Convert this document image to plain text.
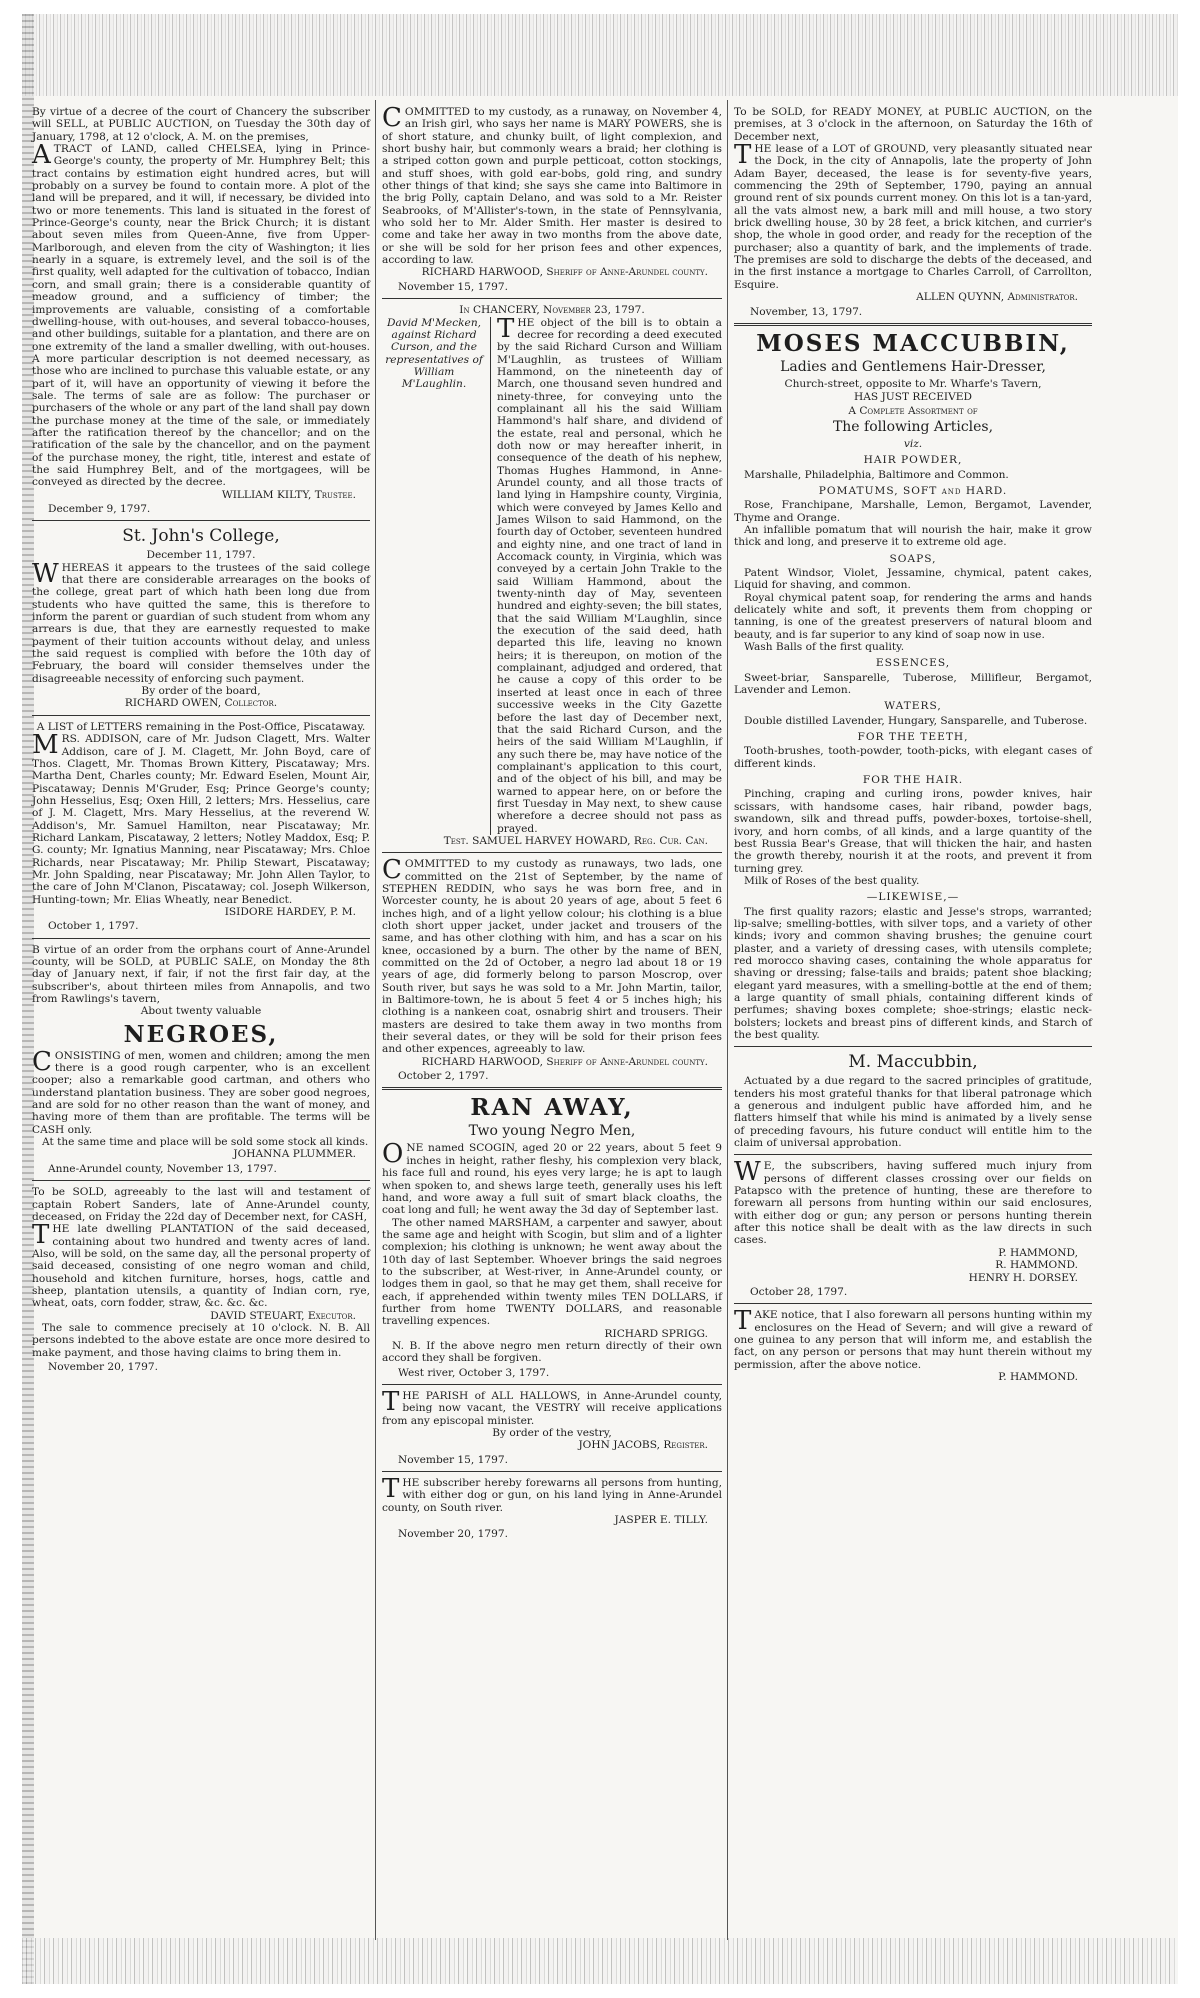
By virtue of a decree of the court of Chancery the subscriber will SELL, at PUBLIC AUCTION, on Tuesday the 30th day of January, 1798, at 12 o'clock, A. M. on the premises,

ATRACT of LAND, called CHELSEA, lying in Prince-George's county, the property of Mr. Humphrey Belt; this tract contains by estimation eight hundred acres, but will probably on a survey be found to contain more. A plot of the land will be prepared, and it will, if necessary, be divided into two or more tenements. This land is situated in the forest of Prince-George's county, near the Brick Church; it is distant about seven miles from Queen-Anne, five from Upper-Marlborough, and eleven from the city of Washington; it lies nearly in a square, is extremely level, and the soil is of the first quality, well adapted for the cultivation of tobacco, Indian corn, and small grain; there is a considerable quantity of meadow ground, and a sufficiency of timber; the improvements are valuable, consisting of a comfortable dwelling-house, with out-houses, and several tobacco-houses, and other buildings, suitable for a plantation, and there are on one extremity of the land a smaller dwelling, with out-houses. A more particular description is not deemed necessary, as those who are inclined to purchase this valuable estate, or any part of it, will have an opportunity of viewing it before the sale. The terms of sale are as follow: The purchaser or purchasers of the whole or any part of the land shall pay down the purchase money at the time of the sale, or immediately after the ratification thereof by the chancellor; and on the ratification of the sale by the chancellor, and on the payment of the purchase money, the right, title, interest and estate of the said Humphrey Belt, and of the mortgagees, will be conveyed as directed by the decree.

WILLIAM KILTY, Trustee.
December 9, 1797.
St. John's College,
December 11, 1797.

WHEREAS it appears to the trustees of the said college that there are considerable arrearages on the books of the college, great part of which hath been long due from students who have quitted the same, this is therefore to inform the parent or guardian of such student from whom any arrears is due, that they are earnestly requested to make payment of their tuition accounts without delay, and unless the said request is complied with before the 10th day of February, the board will consider themselves under the disagreeable necessity of enforcing such payment.

By order of the board,
RICHARD OWEN, Collector.

A LIST of LETTERS remaining in the Post-Office, Piscataway.

MRS. ADDISON, care of Mr. Judson Clagett, Mrs. Walter Addison, care of J. M. Clagett, Mr. John Boyd, care of Thos. Clagett, Mr. Thomas Brown Kittery, Piscataway; Mrs. Martha Dent, Charles county; Mr. Edward Eselen, Mount Air, Piscataway; Dennis M'Gruder, Esq; Prince George's county; John Hesselius, Esq; Oxen Hill, 2 letters; Mrs. Hesselius, care of J. M. Clagett, Mrs. Mary Hesselius, at the reverend W. Addison's, Mr. Samuel Hamilton, near Piscataway; Mr. Richard Lankam, Piscataway, 2 letters; Notley Maddox, Esq; P. G. county; Mr. Ignatius Manning, near Piscataway; Mrs. Chloe Richards, near Piscataway; Mr. Philip Stewart, Piscataway; Mr. John Spalding, near Piscataway; Mr. John Allen Taylor, to the care of John M'Clanon, Piscataway; col. Joseph Wilkerson, Hunting-town; Mr. Elias Wheatly, near Benedict.

ISIDORE HARDEY, P. M.
October 1, 1797.

B virtue of an order from the orphans court of Anne-Arundel county, will be SOLD, at PUBLIC SALE, on Monday the 8th day of January next, if fair, if not the first fair day, at the subscriber's, about thirteen miles from Annapolis, and two from Rawlings's tavern,

About twenty valuable
NEGROES,

CONSISTING of men, women and children; among the men there is a good rough carpenter, who is an excellent cooper; also a remarkable good cartman, and others who understand plantation business. They are sober good negroes, and are sold for no other reason than the want of money, and having more of them than are profitable. The terms will be CASH only.

At the same time and place will be sold some stock all kinds.

JOHANNA PLUMMER.
Anne-Arundel county, November 13, 1797.

To be SOLD, agreeably to the last will and testament of captain Robert Sanders, late of Anne-Arundel county, deceased, on Friday the 22d day of December next, for CASH,

THE late dwelling PLANTATION of the said deceased, containing about two hundred and twenty acres of land. Also, will be sold, on the same day, all the personal property of said deceased, consisting of one negro woman and child, household and kitchen furniture, horses, hogs, cattle and sheep, plantation utensils, a quantity of Indian corn, rye, wheat, oats, corn fodder, straw, &c. &c. &c.

DAVID STEUART, Executor.

The sale to commence precisely at 10 o'clock. N. B. All persons indebted to the above estate are once more desired to make payment, and those having claims to bring them in.

November 20, 1797.

COMMITTED to my custody, as a runaway, on November 4, an Irish girl, who says her name is MARY POWERS, she is of short stature, and chunky built, of light complexion, and short bushy hair, but commonly wears a braid; her clothing is a striped cotton gown and purple petticoat, cotton stockings, and stuff shoes, with gold ear-bobs, gold ring, and sundry other things of that kind; she says she came into Baltimore in the brig Polly, captain Delano, and was sold to a Mr. Reister Seabrooks, of M'Allister's-town, in the state of Pennsylvania, who sold her to Mr. Alder Smith. Her master is desired to come and take her away in two months from the above date, or she will be sold for her prison fees and other expences, according to law.

RICHARD HARWOOD, Sheriff of Anne-Arundel county.
November 15, 1797.
In CHANCERY, November 23, 1797.
David M'Mecken, against Richard Curson, and the representatives of William M'Laughlin.
THE object of the bill is to obtain a decree for recording a deed executed by the said Richard Curson and William M'Laughlin, as trustees of William Hammond, on the nineteenth day of March, one thousand seven hundred and ninety-three, for conveying unto the complainant all his the said William Hammond's half share, and dividend of the estate, real and personal, which he doth now or may hereafter inherit, in consequence of the death of his nephew, Thomas Hughes Hammond, in Anne-Arundel county, and all those tracts of land lying in Hampshire county, Virginia, which were conveyed by James Kello and James Wilson to said Hammond, on the fourth day of October, seventeen hundred and eighty nine, and one tract of land in Accomack county, in Virginia, which was conveyed by a certain John Trakle to the said William Hammond, about the twenty-ninth day of May, seventeen hundred and eighty-seven; the bill states, that the said William M'Laughlin, since the execution of the said deed, hath departed this life, leaving no known heirs; it is thereupon, on motion of the complainant, adjudged and ordered, that he cause a copy of this order to be inserted at least once in each of three successive weeks in the City Gazette before the last day of December next, that the said Richard Curson, and the heirs of the said William M'Laughlin, if any such there be, may have notice of the complainant's application to this court, and of the object of his bill, and may be warned to appear here, on or before the first Tuesday in May next, to shew cause wherefore a decree should not pass as prayed.
Test. SAMUEL HARVEY HOWARD, Reg. Cur. Can.

COMMITTED to my custody as runaways, two lads, one committed on the 21st of September, by the name of STEPHEN REDDIN, who says he was born free, and in Worcester county, he is about 20 years of age, about 5 feet 6 inches high, and of a light yellow colour; his clothing is a blue cloth short upper jacket, under jacket and trousers of the same, and has other clothing with him, and has a scar on his knee, occasioned by a burn. The other by the name of BEN, committed on the 2d of October, a negro lad about 18 or 19 years of age, did formerly belong to parson Moscrop, over South river, but says he was sold to a Mr. John Martin, tailor, in Baltimore-town, he is about 5 feet 4 or 5 inches high; his clothing is a nankeen coat, osnabrig shirt and trousers. Their masters are desired to take them away in two months from their several dates, or they will be sold for their prison fees and other expences, agreeably to law.

RICHARD HARWOOD, Sheriff of Anne-Arundel county.
October 2, 1797.
RAN AWAY,
Two young Negro Men,

ONE named SCOGIN, aged 20 or 22 years, about 5 feet 9 inches in height, rather fleshy, his complexion very black, his face full and round, his eyes very large; he is apt to laugh when spoken to, and shews large teeth, generally uses his left hand, and wore away a full suit of smart black cloaths, the coat long and full; he went away the 3d day of September last.

The other named MARSHAM, a carpenter and sawyer, about the same age and height with Scogin, but slim and of a lighter complexion; his clothing is unknown; he went away about the 10th day of last September. Whoever brings the said negroes to the subscriber, at West-river, in Anne-Arundel county, or lodges them in gaol, so that he may get them, shall receive for each, if apprehended within twenty miles TEN DOLLARS, if further from home TWENTY DOLLARS, and reasonable travelling expences.

RICHARD SPRIGG.

N. B. If the above negro men return directly of their own accord they shall be forgiven.

West river, October 3, 1797.

THE PARISH of ALL HALLOWS, in Anne-Arundel county, being now vacant, the VESTRY will receive applications from any episcopal minister.

By order of the vestry,
JOHN JACOBS, Register.
November 15, 1797.

THE subscriber hereby forewarns all persons from hunting, with either dog or gun, on his land lying in Anne-Arundel county, on South river.

JASPER E. TILLY.
November 20, 1797.

To be SOLD, for READY MONEY, at PUBLIC AUCTION, on the premises, at 3 o'clock in the afternoon, on Saturday the 16th of December next,

THE lease of a LOT of GROUND, very pleasantly situated near the Dock, in the city of Annapolis, late the property of John Adam Bayer, deceased, the lease is for seventy-five years, commencing the 29th of September, 1790, paying an annual ground rent of six pounds current money. On this lot is a tan-yard, all the vats almost new, a bark mill and mill house, a two story brick dwelling house, 30 by 28 feet, a brick kitchen, and currier's shop, the whole in good order, and ready for the reception of the purchaser; also a quantity of bark, and the implements of trade. The premises are sold to discharge the debts of the deceased, and in the first instance a mortgage to Charles Carroll, of Carrollton, Esquire.

ALLEN QUYNN, Administrator.
November, 13, 1797.
MOSES MACCUBBIN,
Ladies and Gentlemens Hair-Dresser,
Church-street, opposite to Mr. Wharfe's Tavern,
HAS JUST RECEIVED
A Complete Assortment of
The following Articles,
viz.
HAIR POWDER,

Marshalle, Philadelphia, Baltimore and Common.

POMATUMS, SOFT and HARD.

Rose, Franchipane, Marshalle, Lemon, Bergamot, Lavender, Thyme and Orange.

An infallible pomatum that will nourish the hair, make it grow thick and long, and preserve it to extreme old age.

SOAPS,

Patent Windsor, Violet, Jessamine, chymical, patent cakes, Liquid for shaving, and common.

Royal chymical patent soap, for rendering the arms and hands delicately white and soft, it prevents them from chopping or tanning, is one of the greatest preservers of natural bloom and beauty, and is far superior to any kind of soap now in use.

Wash Balls of the first quality.

ESSENCES,

Sweet-briar, Sansparelle, Tuberose, Millifleur, Bergamot, Lavender and Lemon.

WATERS,

Double distilled Lavender, Hungary, Sansparelle, and Tuberose.

FOR THE TEETH,

Tooth-brushes, tooth-powder, tooth-picks, with elegant cases of different kinds.

FOR THE HAIR.

Pinching, craping and curling irons, powder knives, hair scissars, with handsome cases, hair riband, powder bags, swandown, silk and thread puffs, powder-boxes, tortoise-shell, ivory, and horn combs, of all kinds, and a large quantity of the best Russia Bear's Grease, that will thicken the hair, and hasten the growth thereby, nourish it at the roots, and prevent it from turning grey.

Milk of Roses of the best quality.

—LIKEWISE,—

The first quality razors; elastic and Jesse's strops, warranted; lip-salve; smelling-bottles, with silver tops, and a variety of other kinds; ivory and common shaving brushes; the genuine court plaster, and a variety of dressing cases, with utensils complete; red morocco shaving cases, containing the whole apparatus for shaving or dressing; false-tails and braids; patent shoe blacking; elegant yard measures, with a smelling-bottle at the end of them; a large quantity of small phials, containing different kinds of perfumes; shaving boxes complete; shoe-strings; elastic neck-bolsters; lockets and breast pins of different kinds, and Starch of the best quality.

M. Maccubbin,

Actuated by a due regard to the sacred principles of gratitude, tenders his most grateful thanks for that liberal patronage which a generous and indulgent public have afforded him, and he flatters himself that while his mind is animated by a lively sense of preceding favours, his future conduct will entitle him to the claim of universal approbation.

W E, the subscribers, having suffered much injury from persons of different classes crossing over our fields on Patapsco with the pretence of hunting, these are therefore to forewarn all persons from hunting within our said enclosures, with either dog or gun; any person or persons hunting therein after this notice shall be dealt with as the law directs in such cases.

P. HAMMOND,
R. HAMMOND.
HENRY H. DORSEY.
October 28, 1797.

TAKE notice, that I also forewarn all persons hunting within my enclosures on the Head of Severn; and will give a reward of one guinea to any person that will inform me, and establish the fact, on any person or persons that may hunt therein without my permission, after the above notice.

P. HAMMOND.
